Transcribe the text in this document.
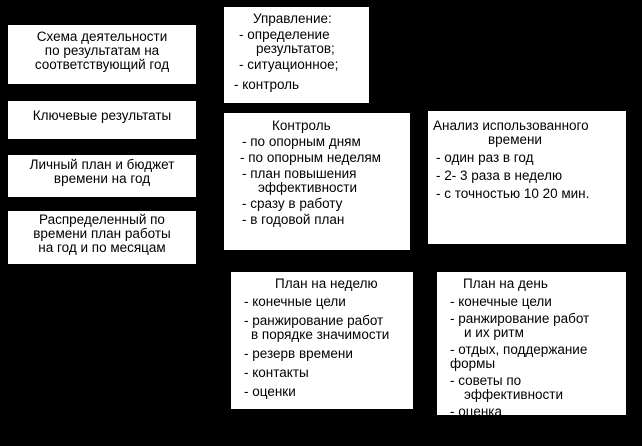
Схема деятельности
по результатам на
соответствующий год
Ключевые результаты
Личный план и бюджет
времени на год
Распределенный по
времени план работы
на год и по месяцам
Управление:
- определение
результатов;
- ситуационное;
- контроль
Контроль
- по опорным дням
- по опорным неделям
- план повышения
эффективности
- сразу в работу
- в годовой план
Анализ использованного
времени
- один раз в год
- 2- 3 раза в неделю
- с точностью 10 20 мин.
План на неделю
- конечные цели
- ранжирование работ
в порядке значимости
- резерв времени
- контакты
- оценки
План на день
- конечные цели
- ранжирование работ
и их ритм
- отдых, поддержание
формы
- советы по
эффективности
- оценка
